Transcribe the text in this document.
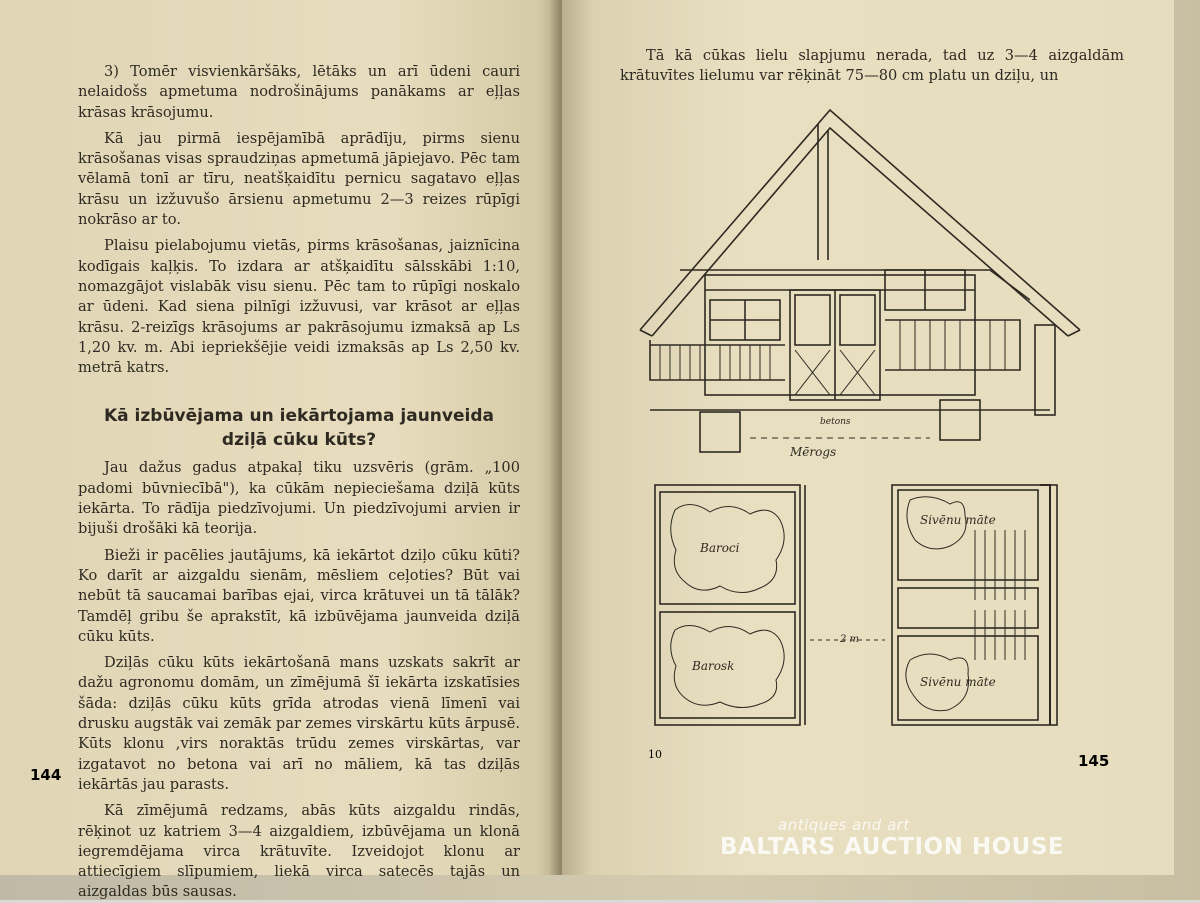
3) Tomēr visvienkāršāks, lētāks un arī ūdeni cauri nelaidošs apmetuma nodrošinājums panākams ar eļļas krāsas krāsojumu.

Kā jau pirmā iespējamībā aprādīju, pirms sienu krāsošanas visas spraudziņas apmetumā jāpiejavo. Pēc tam vēlamā tonī ar tīru, neatšķaidītu pernicu sagatavo eļļas krāsu un izžuvušo ārsienu apmetumu 2—3 reizes rūpīgi nokrāso ar to.

Plaisu pielabojumu vietās, pirms krāsošanas, jaiznīcina kodīgais kaļķis. To izdara ar atšķaidītu sālsskābi 1:10, nomazgājot vislabāk visu sienu. Pēc tam to rūpīgi noskalo ar ūdeni. Kad siena pilnīgi izžuvusi, var krāsot ar eļļas krāsu. 2-reizīgs krāsojums ar pakrāsojumu izmaksā ap Ls 1,20 kv. m. Abi iepriekšējie veidi izmaksās ap Ls 2,50 kv. metrā katrs.

Kā izbūvējama un iekārtojama jaunveida
dziļā cūku kūts?

Jau dažus gadus atpakaļ tiku uzsvēris (grām. „100 padomi būvniecībā"), ka cūkām nepieciešama dziļā kūts iekārta. To rādīja piedzīvojumi. Un piedzīvojumi arvien ir bijuši drošāki kā teorija.

Bieži ir pacēlies jautājums, kā iekārtot dziļo cūku kūti? Ko darīt ar aizgaldu sienām, mēsliem ceļoties? Būt vai nebūt tā saucamai barības ejai, virca krātuvei un tā tālāk? Tamdēļ gribu še aprakstīt, kā izbūvējama jaunveida dziļā cūku kūts.

Dziļās cūku kūts iekārtošanā mans uzskats sakrīt ar dažu agronomu domām, un zīmējumā šī iekārta izskatīsies šāda: dziļās cūku kūts grīda atrodas vienā līmenī vai drusku augstāk vai zemāk par zemes virskārtu kūts ārpusē. Kūts klonu ,virs noraktās trūdu zemes virskārtas, var izgatavot no betona vai arī no māliem, kā tas dziļās iekārtās jau parasts.

Kā zīmējumā redzams, abās kūts aizgaldu rindās, rēķinot uz katriem 3—4 aizgaldiem, izbūvējama un klonā iegremdējama virca krātuvīte. Izveidojot klonu ar attiecīgiem slīpumiem, liekā virca satecēs tajās un aizgaldas būs sausas.

144

Tā kā cūkas lielu slapjumu nerada, tad uz 3—4 aizgaldām krātuvītes lielumu var rēķināt 75—80 cm platu un dziļu, un

Baroci
Barosk
Sivēnu māte
Sivēnu māte
Mērogs
betons
2 m
10	145
antiques and art
BALTARS AUCTION HOUSE
